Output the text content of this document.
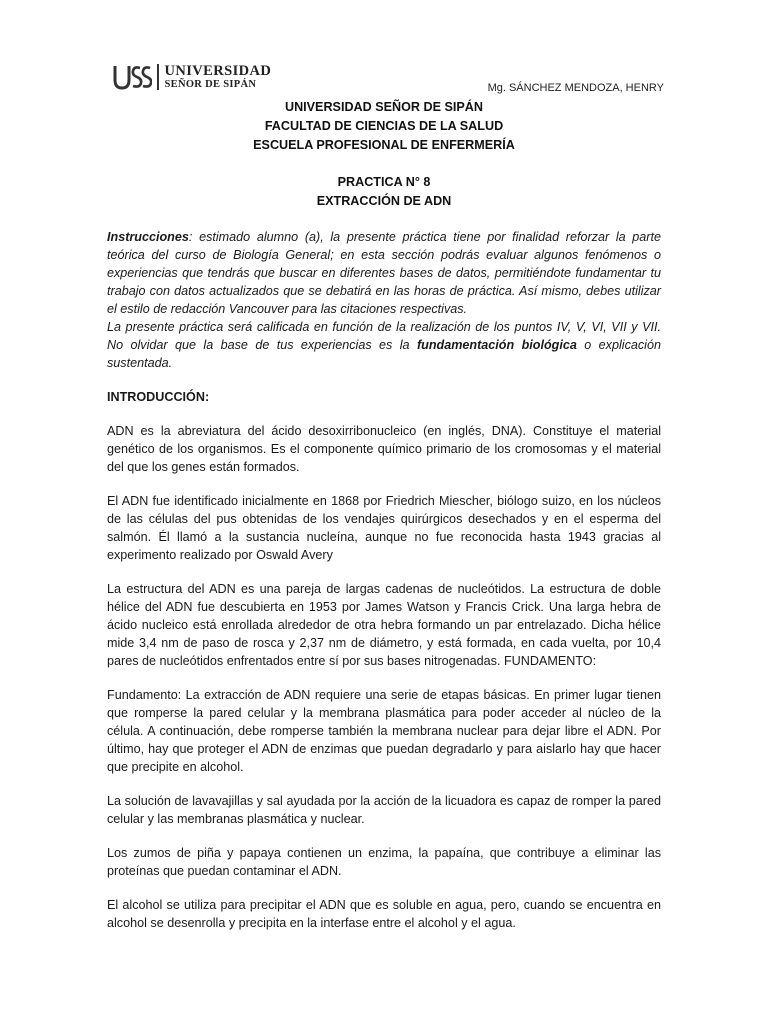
UNIVERSIDAD
SEÑOR DE SIPÁN	Mg. SÁNCHEZ MENDOZA, HENRY
UNIVERSIDAD SEÑOR DE SIPÁN
FACULTAD DE CIENCIAS DE LA SALUD
ESCUELA PROFESIONAL DE ENFERMERÍA
PRACTICA N° 8
EXTRACCIÓN DE ADN

Instrucciones: estimado alumno (a), la presente práctica tiene por finalidad reforzar la parte teórica del curso de Biología General; en esta sección podrás evaluar algunos fenómenos o experiencias que tendrás que buscar en diferentes bases de datos, permitiéndote fundamentar tu trabajo con datos actualizados que se debatirá en las horas de práctica. Así mismo, debes utilizar el estilo de redacción Vancouver para las citaciones respectivas.
La presente práctica será calificada en función de la realización de los puntos IV, V, VI, VII y VII. No olvidar que la base de tus experiencias es la fundamentación biológica o explicación sustentada.

INTRODUCCIÓN:

ADN es la abreviatura del ácido desoxirribonucleico (en inglés, DNA). Constituye el material genético de los organismos. Es el componente químico primario de los cromosomas y el material del que los genes están formados.

El ADN fue identificado inicialmente en 1868 por Friedrich Miescher, biólogo suizo, en los núcleos de las células del pus obtenidas de los vendajes quirúrgicos desechados y en el esperma del salmón. Él llamó a la sustancia nucleína, aunque no fue reconocida hasta 1943 gracias al experimento realizado por Oswald Avery

La estructura del ADN es una pareja de largas cadenas de nucleótidos. La estructura de doble hélice del ADN fue descubierta en 1953 por James Watson y Francis Crick. Una larga hebra de ácido nucleico está enrollada alrededor de otra hebra formando un par entrelazado. Dicha hélice mide 3,4 nm de paso de rosca y 2,37 nm de diámetro, y está formada, en cada vuelta, por 10,4 pares de nucleótidos enfrentados entre sí por sus bases nitrogenadas. FUNDAMENTO:

Fundamento: La extracción de ADN requiere una serie de etapas básicas. En primer lugar tienen que romperse la pared celular y la membrana plasmática para poder acceder al núcleo de la célula. A continuación, debe romperse también la membrana nuclear para dejar libre el ADN. Por último, hay que proteger el ADN de enzimas que puedan degradarlo y para aislarlo hay que hacer que precipite en alcohol.

La solución de lavavajillas y sal ayudada por la acción de la licuadora es capaz de romper la pared celular y las membranas plasmática y nuclear.

Los zumos de piña y papaya contienen un enzima, la papaína, que contribuye a eliminar las proteínas que puedan contaminar el ADN.

El alcohol se utiliza para precipitar el ADN que es soluble en agua, pero, cuando se encuentra en alcohol se desenrolla y precipita en la interfase entre el alcohol y el agua.
